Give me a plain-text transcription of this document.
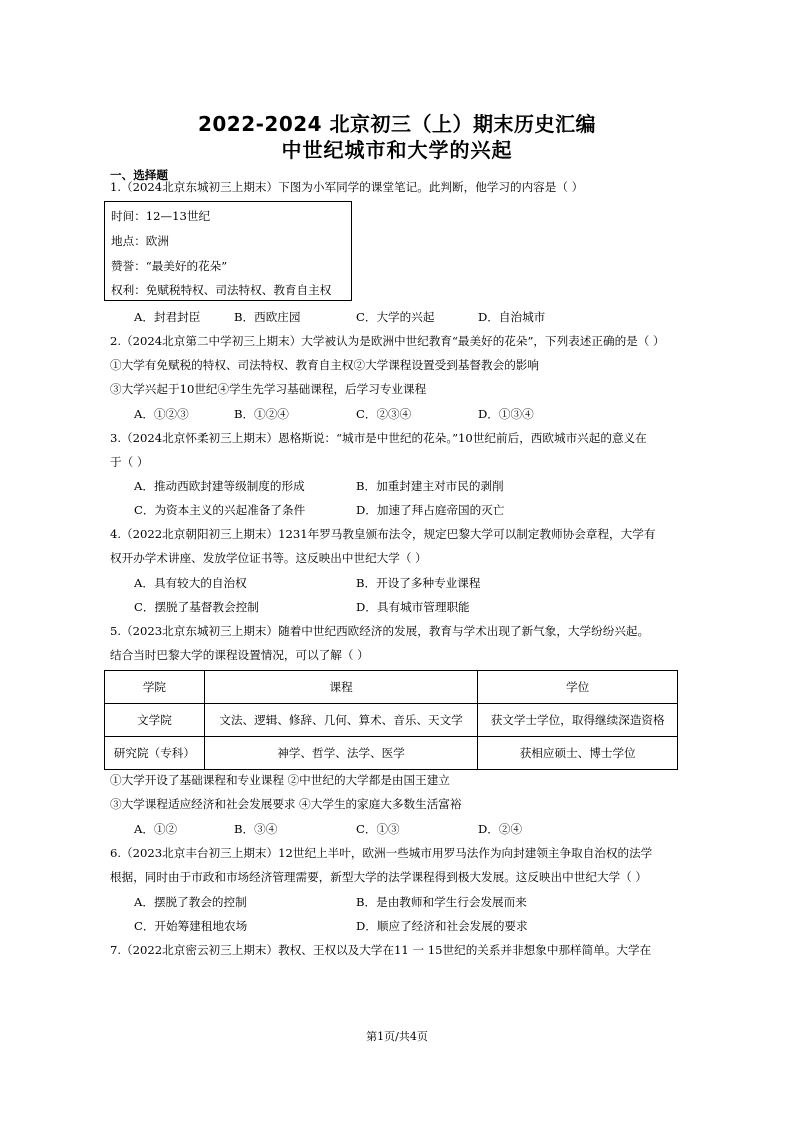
2022-2024 北京初三（上）期末历史汇编
中世纪城市和大学的兴起
一、选择题
1.（2024北京东城初三上期末）下图为小军同学的课堂笔记。此判断，他学习的内容是（ ）
时间：12—13世纪
地点：欧洲
赞誉：“最美好的花朵”
权利：免赋税特权、司法特权、教育自主权
A．封君封臣	B．西欧庄园	C．大学的兴起	D．自治城市
2.（2024北京第二中学初三上期末）大学被认为是欧洲中世纪教育“最美好的花朵”，下列表述正确的是（ ）
①大学有免赋税的特权、司法特权、教育自主权②大学课程设置受到基督教会的影响
③大学兴起于10世纪④学生先学习基础课程，后学习专业课程
A．①②③	B．①②④	C．②③④	D．①③④
3.（2024北京怀柔初三上期末）恩格斯说：“城市是中世纪的花朵。”10世纪前后，西欧城市兴起的意义在
于（ ）
A．推动西欧封建等级制度的形成	B．加重封建主对市民的剥削
C．为资本主义的兴起准备了条件	D．加速了拜占庭帝国的灭亡
4.（2022北京朝阳初三上期末）1231年罗马教皇颁布法令，规定巴黎大学可以制定教师协会章程，大学有
权开办学术讲座、发放学位证书等。这反映出中世纪大学（ ）
A．具有较大的自治权	B．开设了多种专业课程
C．摆脱了基督教会控制	D．具有城市管理职能
5.（2023北京东城初三上期末）随着中世纪西欧经济的发展，教育与学术出现了新气象，大学纷纷兴起。
结合当时巴黎大学的课程设置情况，可以了解（ ）
学院	课程	学位
文学院	文法、逻辑、修辞、几何、算术、音乐、天文学	获文学士学位，取得继续深造资格
研究院（专科）	神学、哲学、法学、医学	获相应硕士、博士学位
①大学开设了基础课程和专业课程 ②中世纪的大学都是由国王建立
③大学课程适应经济和社会发展要求 ④大学生的家庭大多数生活富裕
A．①②	B．③④	C．①③	D．②④
6.（2023北京丰台初三上期末）12世纪上半叶，欧洲一些城市用罗马法作为向封建领主争取自治权的法学
根据，同时由于市政和市场经济管理需要，新型大学的法学课程得到极大发展。这反映出中世纪大学（ ）
A．摆脱了教会的控制	B．是由教师和学生行会发展而来
C．开始筹建租地农场	D．顺应了经济和社会发展的要求
7.（2022北京密云初三上期末）教权、王权以及大学在11 一 15世纪的关系并非想象中那样简单。大学在
第1页/共4页
